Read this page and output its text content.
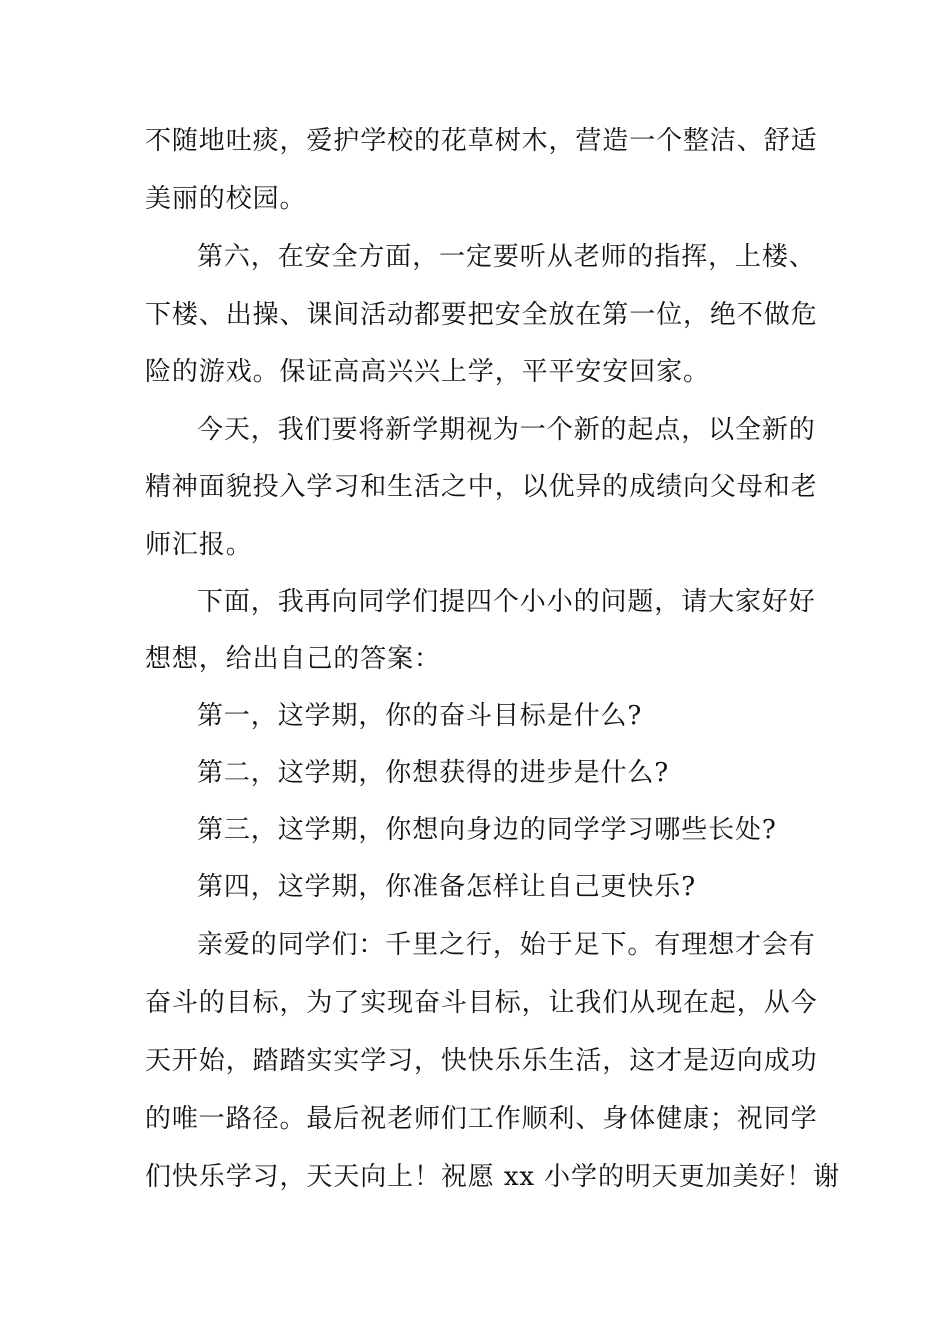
不随地吐痰，爱护学校的花草树木，营造一个整洁、舒适
美丽的校园。
第六，在安全方面，一定要听从老师的指挥，上楼、
下楼、出操、课间活动都要把安全放在第一位，绝不做危
险的游戏。保证高高兴兴上学，平平安安回家。
今天，我们要将新学期视为一个新的起点，以全新的
精神面貌投入学习和生活之中，以优异的成绩向父母和老
师汇报。
下面，我再向同学们提四个小小的问题，请大家好好
想想，给出自己的答案：
第一，这学期，你的奋斗目标是什么?
第二，这学期，你想获得的进步是什么?
第三，这学期，你想向身边的同学学习哪些长处?
第四，这学期，你准备怎样让自己更快乐?
亲爱的同学们：千里之行，始于足下。有理想才会有
奋斗的目标，为了实现奋斗目标，让我们从现在起，从今
天开始，踏踏实实学习，快快乐乐生活，这才是迈向成功
的唯一路径。最后祝老师们工作顺利、身体健康；祝同学
们快乐学习，天天向上！祝愿 xx 小学的明天更加美好！谢
